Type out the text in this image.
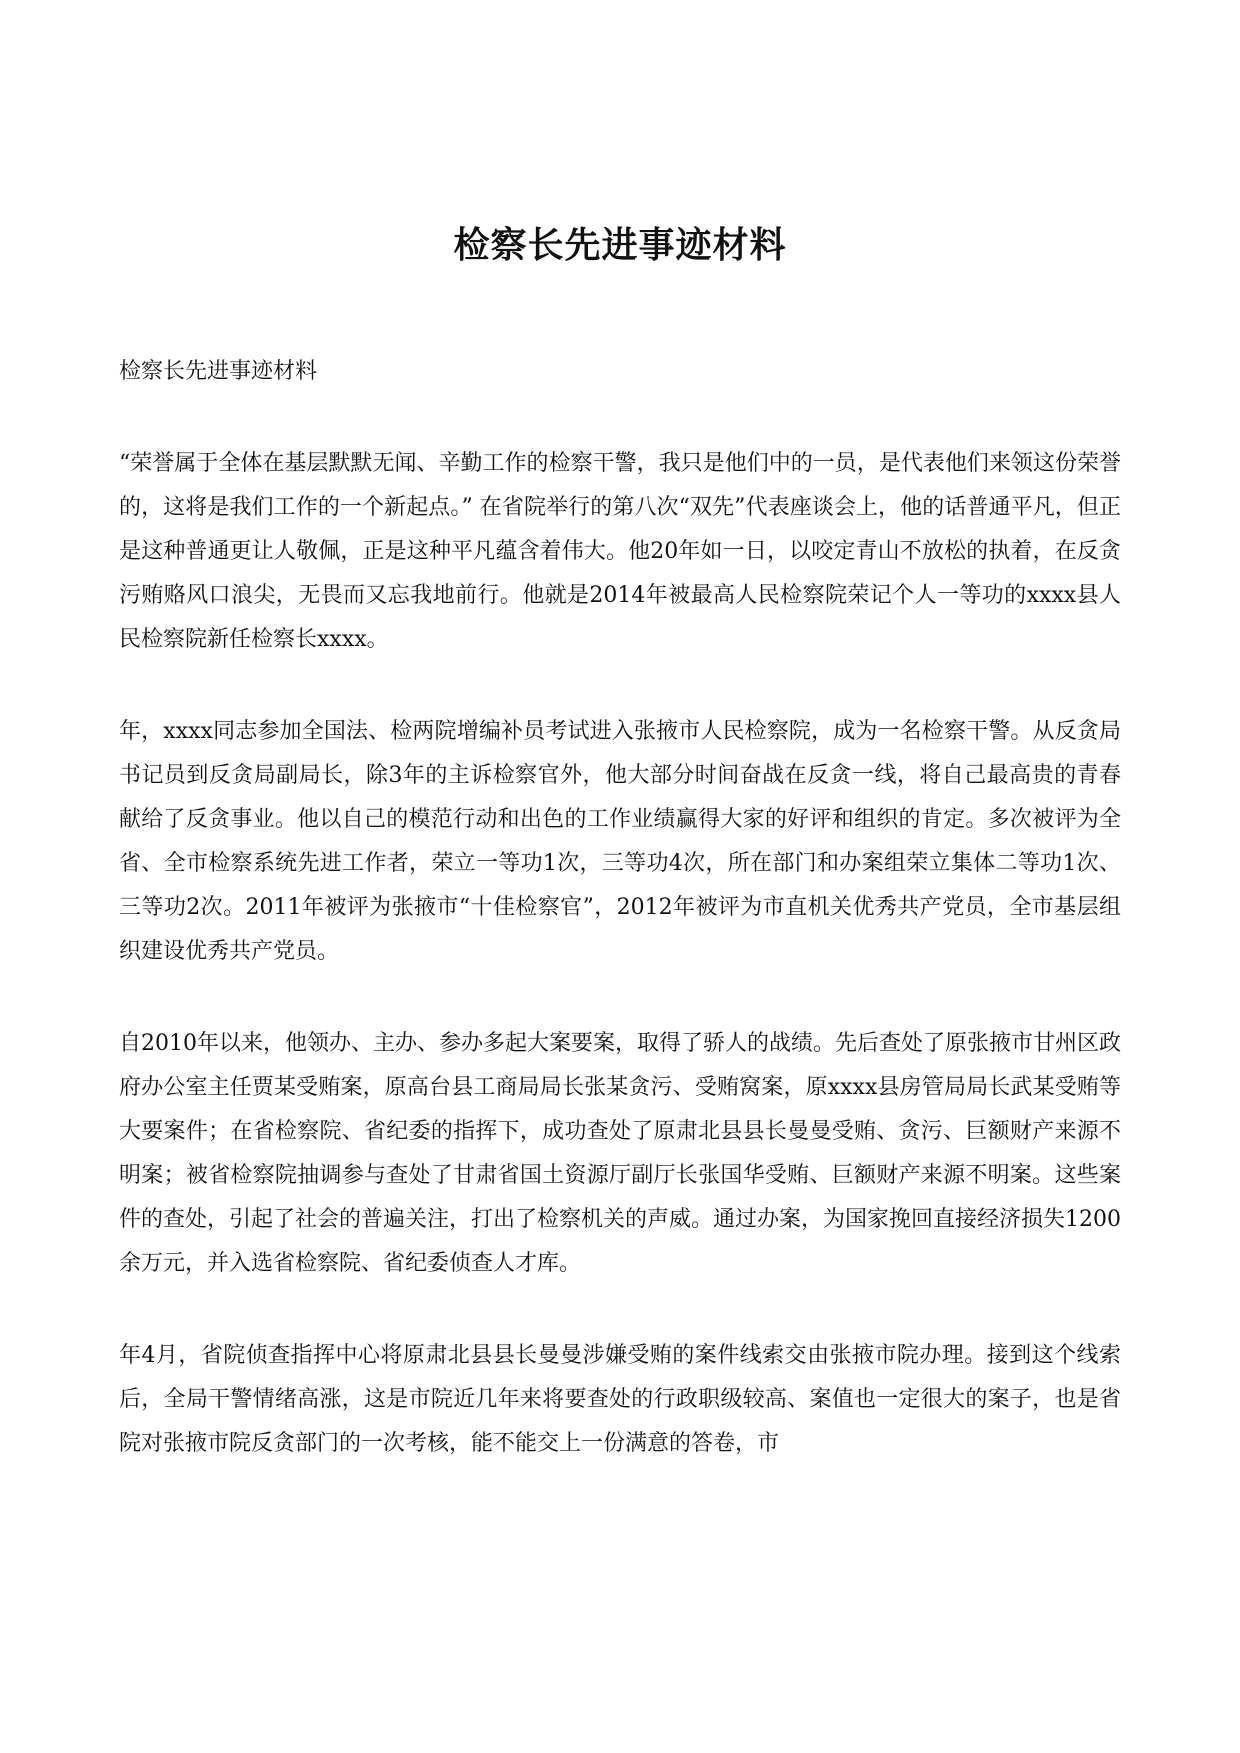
检察长先进事迹材料

检察长先进事迹材料

“荣誉属于全体在基层默默无闻、辛勤工作的检察干警，我只是他们中的一员，是代表他们来领这份荣誉的，这将是我们工作的一个新起点。” 在省院举行的第八次“双先”代表座谈会上，他的话普通平凡，但正是这种普通更让人敬佩，正是这种平凡蕴含着伟大。他20年如一日，以咬定青山不放松的执着，在反贪污贿赂风口浪尖，无畏而又忘我地前行。他就是2014年被最高人民检察院荣记个人一等功的xxxx县人民检察院新任检察长xxxx。

年，xxxx同志参加全国法、检两院增编补员考试进入张掖市人民检察院，成为一名检察干警。从反贪局书记员到反贪局副局长，除3年的主诉检察官外，他大部分时间奋战在反贪一线，将自己最高贵的青春献给了反贪事业。他以自己的模范行动和出色的工作业绩赢得大家的好评和组织的肯定。多次被评为全省、全市检察系统先进工作者，荣立一等功1次，三等功4次，所在部门和办案组荣立集体二等功1次、三等功2次。2011年被评为张掖市“十佳检察官”，2012年被评为市直机关优秀共产党员，全市基层组织建设优秀共产党员。

自2010年以来，他领办、主办、参办多起大案要案，取得了骄人的战绩。先后查处了原张掖市甘州区政府办公室主任贾某受贿案，原高台县工商局局长张某贪污、受贿窝案，原xxxx县房管局局长武某受贿等大要案件；在省检察院、省纪委的指挥下，成功查处了原肃北县县长曼曼受贿、贪污、巨额财产来源不明案；被省检察院抽调参与查处了甘肃省国土资源厅副厅长张国华受贿、巨额财产来源不明案。这些案件的查处，引起了社会的普遍关注，打出了检察机关的声威。通过办案，为国家挽回直接经济损失1200余万元，并入选省检察院、省纪委侦查人才库。

年4月，省院侦查指挥中心将原肃北县县长曼曼涉嫌受贿的案件线索交由张掖市院办理。接到这个线索后，全局干警情绪高涨，这是市院近几年来将要查处的行政职级较高、案值也一定很大的案子，也是省院对张掖市院反贪部门的一次考核，能不能交上一份满意的答卷，市
